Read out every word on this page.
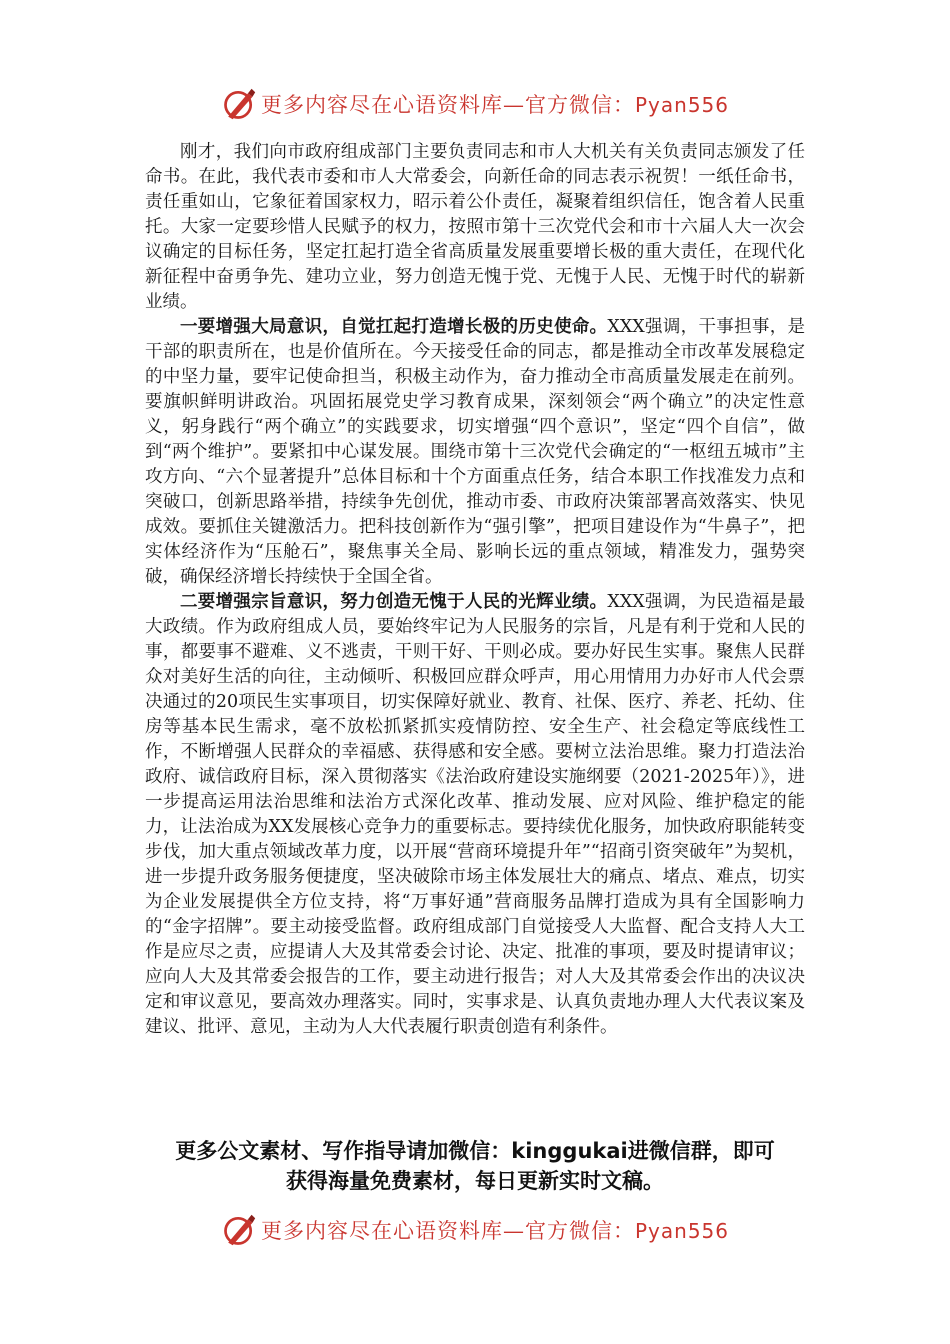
更多内容尽在心语资料库—官方微信：Pyan556

刚才，我们向市政府组成部门主要负责同志和市人大机关有关负责同志颁发了任命书。在此，我代表市委和市人大常委会，向新任命的同志表示祝贺！一纸任命书，责任重如山，它象征着国家权力，昭示着公仆责任，凝聚着组织信任，饱含着人民重托。大家一定要珍惜人民赋予的权力，按照市第十三次党代会和市十六届人大一次会议确定的目标任务，坚定扛起打造全省高质量发展重要增长极的重大责任，在现代化新征程中奋勇争先、建功立业，努力创造无愧于党、无愧于人民、无愧于时代的崭新业绩。

一要增强大局意识，自觉扛起打造增长极的历史使命。XXX强调，干事担事，是干部的职责所在，也是价值所在。今天接受任命的同志，都是推动全市改革发展稳定的中坚力量，要牢记使命担当，积极主动作为，奋力推动全市高质量发展走在前列。要旗帜鲜明讲政治。巩固拓展党史学习教育成果，深刻领会“两个确立”的决定性意义，躬身践行“两个确立”的实践要求，切实增强“四个意识”，坚定“四个自信”，做到“两个维护”。要紧扣中心谋发展。围绕市第十三次党代会确定的“一枢纽五城市”主攻方向、“六个显著提升”总体目标和十个方面重点任务，结合本职工作找准发力点和突破口，创新思路举措，持续争先创优，推动市委、市政府决策部署高效落实、快见成效。要抓住关键激活力。把科技创新作为“强引擎”，把项目建设作为“牛鼻子”，把实体经济作为“压舱石”，聚焦事关全局、影响长远的重点领域，精准发力，强势突破，确保经济增长持续快于全国全省。

二要增强宗旨意识，努力创造无愧于人民的光辉业绩。XXX强调，为民造福是最大政绩。作为政府组成人员，要始终牢记为人民服务的宗旨，凡是有利于党和人民的事，都要事不避难、义不逃责，干则干好、干则必成。要办好民生实事。聚焦人民群众对美好生活的向往，主动倾听、积极回应群众呼声，用心用情用力办好市人代会票决通过的20项民生实事项目，切实保障好就业、教育、社保、医疗、养老、托幼、住房等基本民生需求，毫不放松抓紧抓实疫情防控、安全生产、社会稳定等底线性工作，不断增强人民群众的幸福感、获得感和安全感。要树立法治思维。聚力打造法治政府、诚信政府目标，深入贯彻落实《法治政府建设实施纲要（2021-2025年）》，进一步提高运用法治思维和法治方式深化改革、推动发展、应对风险、维护稳定的能力，让法治成为XX发展核心竞争力的重要标志。要持续优化服务，加快政府职能转变步伐，加大重点领域改革力度，以开展“营商环境提升年”“招商引资突破年”为契机，进一步提升政务服务便捷度，坚决破除市场主体发展壮大的痛点、堵点、难点，切实为企业发展提供全方位支持，将“万事好通”营商服务品牌打造成为具有全国影响力的“金字招牌”。要主动接受监督。政府组成部门自觉接受人大监督、配合支持人大工作是应尽之责，应提请人大及其常委会讨论、决定、批准的事项，要及时提请审议；应向人大及其常委会报告的工作，要主动进行报告；对人大及其常委会作出的决议决定和审议意见，要高效办理落实。同时，实事求是、认真负责地办理人大代表议案及建议、批评、意见，主动为人大代表履行职责创造有利条件。

更多公文素材、写作指导请加微信：kinggukai进微信群，即可
获得海量免费素材，每日更新实时文稿。
更多内容尽在心语资料库—官方微信：Pyan556
